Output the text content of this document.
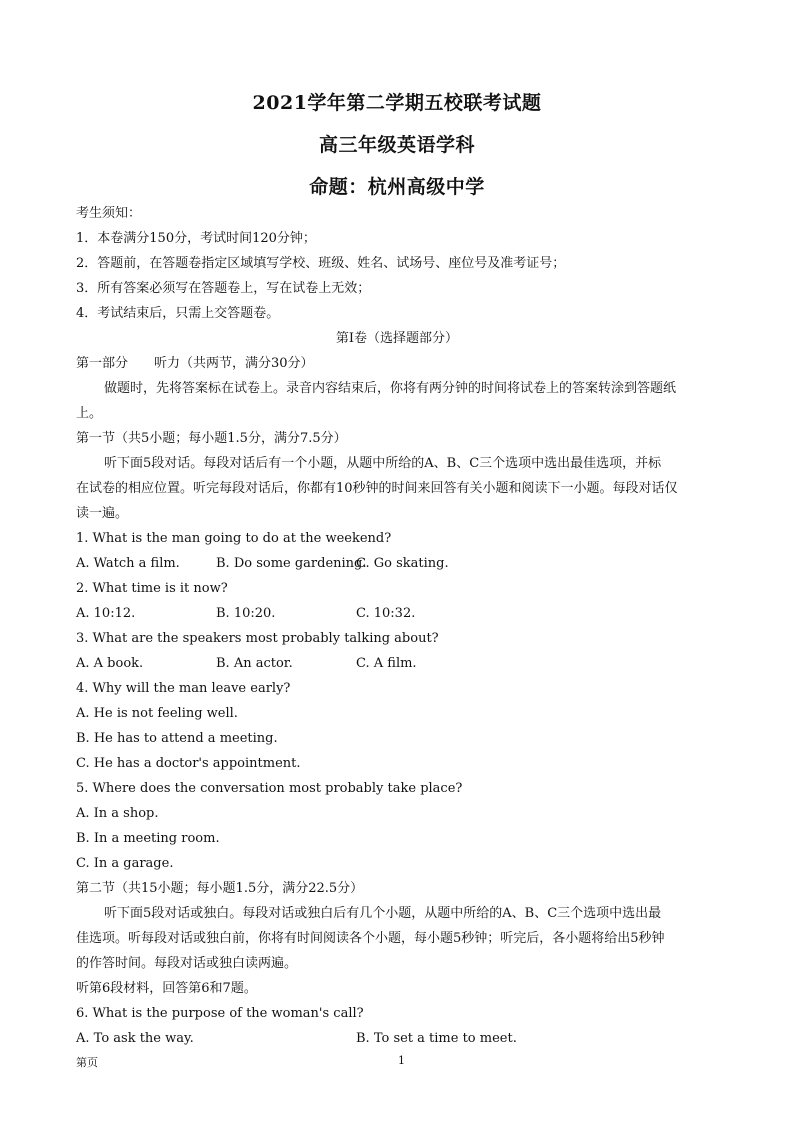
2021学年第二学期五校联考试题
高三年级英语学科
命题：杭州高级中学
考生须知：
1．本卷满分150分，考试时间120分钟；
2．答题前，在答题卷指定区域填写学校、班级、姓名、试场号、座位号及准考证号；
3．所有答案必须写在答题卷上，写在试卷上无效；
4．考试结束后，只需上交答题卷。
第Ⅰ卷（选择题部分）
第一部分　　听力（共两节，满分30分）
做题时，先将答案标在试卷上。录音内容结束后，你将有两分钟的时间将试卷上的答案转涂到答题纸
上。
第一节（共5小题；每小题1.5分，满分7.5分）
听下面5段对话。每段对话后有一个小题，从题中所给的A、B、C三个选项中选出最佳选项，并标
在试卷的相应位置。听完每段对话后，你都有10秒钟的时间来回答有关小题和阅读下一小题。每段对话仅
读一遍。
1. What is the man going to do at the weekend?
A. Watch a film.	B. Do some gardening.
C. Go skating.
2. What time is it now?
A. 10:12.	B. 10:20.	C. 10:32.
3. What are the speakers most probably talking about?
A. A book.	B. An actor.	C. A film.
4. Why will the man leave early?
A. He is not feeling well.
B. He has to attend a meeting.
C. He has a doctor's appointment.
5. Where does the conversation most probably take place?
A. In a shop.
B. In a meeting room.
C. In a garage.
第二节（共15小题；每小题1.5分，满分22.5分）
听下面5段对话或独白。每段对话或独白后有几个小题，从题中所给的A、B、C三个选项中选出最
佳选项。听每段对话或独白前，你将有时间阅读各个小题，每小题5秒钟；听完后，各小题将给出5秒钟
的作答时间。每段对话或独白读两遍。
听第6段材料，回答第6和7题。
6. What is the purpose of the woman's call?
A. To ask the way.	B. To set a time to meet.
第页	1
